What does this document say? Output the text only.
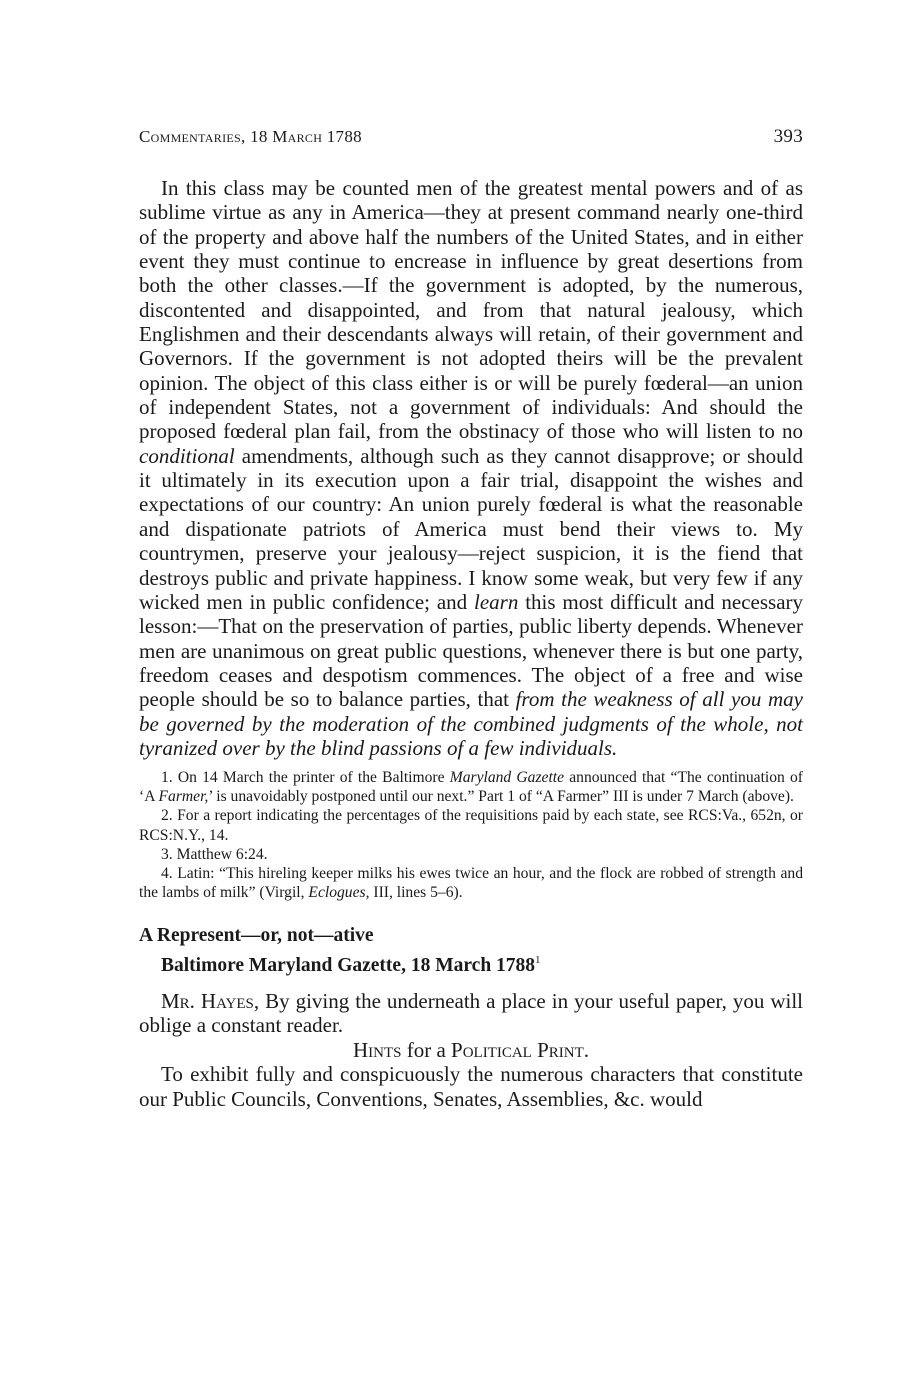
Commentaries, 18 March 1788	393

In this class may be counted men of the greatest mental powers and of as sublime virtue as any in America—they at present command nearly one-third of the property and above half the numbers of the United States, and in either event they must continue to encrease in influence by great desertions from both the other classes.—If the government is adopted, by the numerous, discontented and disappointed, and from that natural jealousy, which Englishmen and their descendants always will retain, of their government and Governors. If the government is not adopted theirs will be the prevalent opinion. The object of this class either is or will be purely fœderal—an union of independent States, not a government of individuals: And should the proposed fœderal plan fail, from the obstinacy of those who will listen to no conditional amendments, although such as they cannot disapprove; or should it ultimately in its execution upon a fair trial, disappoint the wishes and expectations of our country: An union purely fœderal is what the reasonable and dispationate patriots of America must bend their views to. My countrymen, preserve your jealousy—reject suspicion, it is the fiend that destroys public and private happiness. I know some weak, but very few if any wicked men in public confidence; and learn this most difficult and necessary lesson:—That on the preservation of parties, public liberty depends. Whenever men are unanimous on great public questions, whenever there is but one party, freedom ceases and despotism commences. The object of a free and wise people should be so to balance parties, that from the weakness of all you may be governed by the moderation of the combined judgments of the whole, not tyranized over by the blind passions of a few individuals.

1. On 14 March the printer of the Baltimore Maryland Gazette announced that “The continuation of ‘A Farmer,’ is unavoidably postponed until our next.” Part 1 of “A Farmer” III is under 7 March (above).

2. For a report indicating the percentages of the requisitions paid by each state, see RCS:Va., 652n, or RCS:N.Y., 14.

3. Matthew 6:24.

4. Latin: “This hireling keeper milks his ewes twice an hour, and the flock are robbed of strength and the lambs of milk” (Virgil, Eclogues, III, lines 5–6).

A Represent—or, not—ative
Baltimore Maryland Gazette, 18 March 1788$^1$

Mr. Hayes, By giving the underneath a place in your useful paper, you will oblige a constant reader.

Hints for a Political Print.

To exhibit fully and conspicuously the numerous characters that constitute our Public Councils, Conventions, Senates, Assemblies, &c. would
